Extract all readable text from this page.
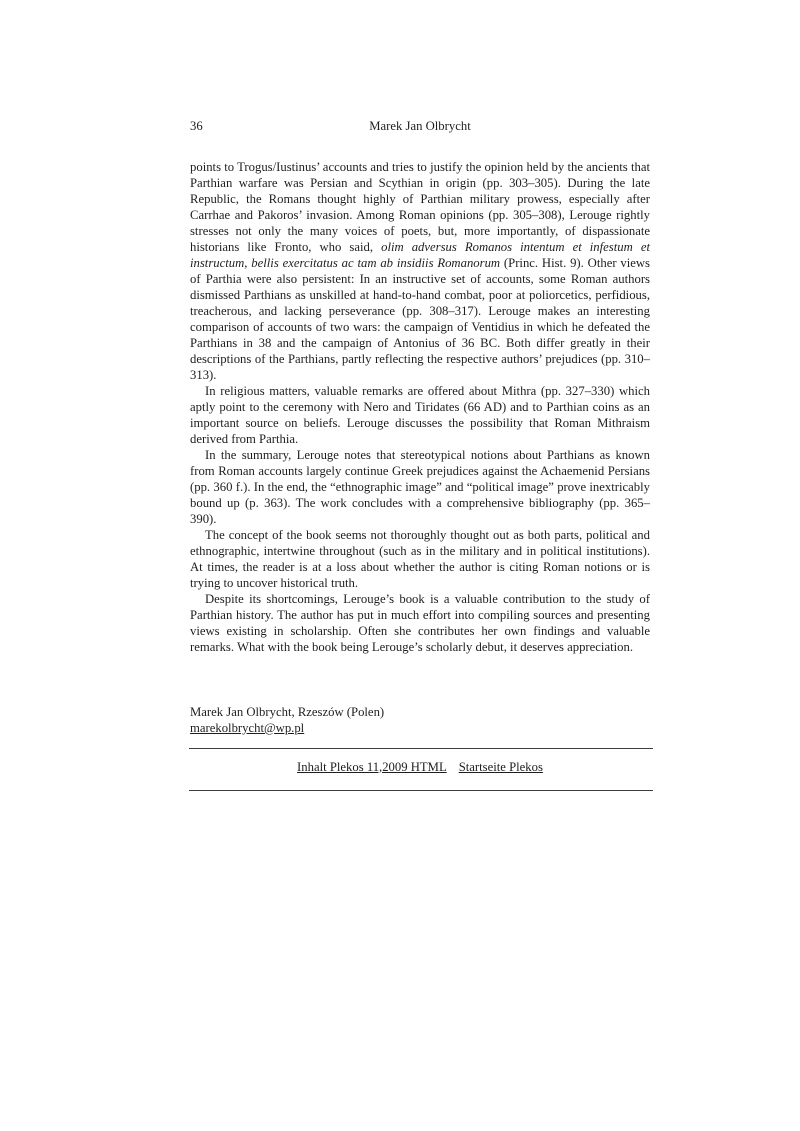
36	Marek Jan Olbrycht

points to Trogus/Iustinus’ accounts and tries to justify the opinion held by the ancients that Parthian warfare was Persian and Scythian in origin (pp. 303–305). During the late Republic, the Romans thought highly of Parthian military prowess, especially after Carrhae and Pakoros’ invasion. Among Roman opinions (pp. 305–308), Lerouge rightly stresses not only the many voices of poets, but, more importantly, of dispassionate historians like Fronto, who said, olim adversus Romanos intentum et infestum et instructum, bellis exercitatus ac tam ab insidiis Romanorum (Princ. Hist. 9). Other views of Parthia were also persistent: In an instructive set of accounts, some Roman authors dismissed Parthians as unskilled at hand-to-hand combat, poor at poliorcetics, perfidious, treacherous, and lacking perseverance (pp. 308–317). Lerouge makes an interesting comparison of accounts of two wars: the campaign of Ventidius in which he defeated the Parthians in 38 and the campaign of Antonius of 36 BC. Both differ greatly in their descriptions of the Parthians, partly reflecting the respective authors’ prejudices (pp. 310–313).

In religious matters, valuable remarks are offered about Mithra (pp. 327–330) which aptly point to the ceremony with Nero and Tiridates (66 AD) and to Parthian coins as an important source on beliefs. Lerouge discusses the possibility that Roman Mithraism derived from Parthia.

In the summary, Lerouge notes that stereotypical notions about Parthians as known from Roman accounts largely continue Greek prejudices against the Achaemenid Persians (pp. 360 f.). In the end, the “ethnographic image” and “political image” prove inextricably bound up (p. 363). The work concludes with a comprehensive bibliography (pp. 365–390).

The concept of the book seems not thoroughly thought out as both parts, political and ethnographic, intertwine throughout (such as in the military and in political institutions). At times, the reader is at a loss about whether the author is citing Roman notions or is trying to uncover historical truth.

Despite its shortcomings, Lerouge’s book is a valuable contribution to the study of Parthian history. The author has put in much effort into compiling sources and presenting views existing in scholarship. Often she contributes her own findings and valuable remarks. What with the book being Lerouge’s scholarly debut, it deserves appreciation.

Marek Jan Olbrycht, Rzeszów (Polen)
marekolbrycht@wp.pl
Inhalt Plekos 11,2009 HTML Startseite Plekos
